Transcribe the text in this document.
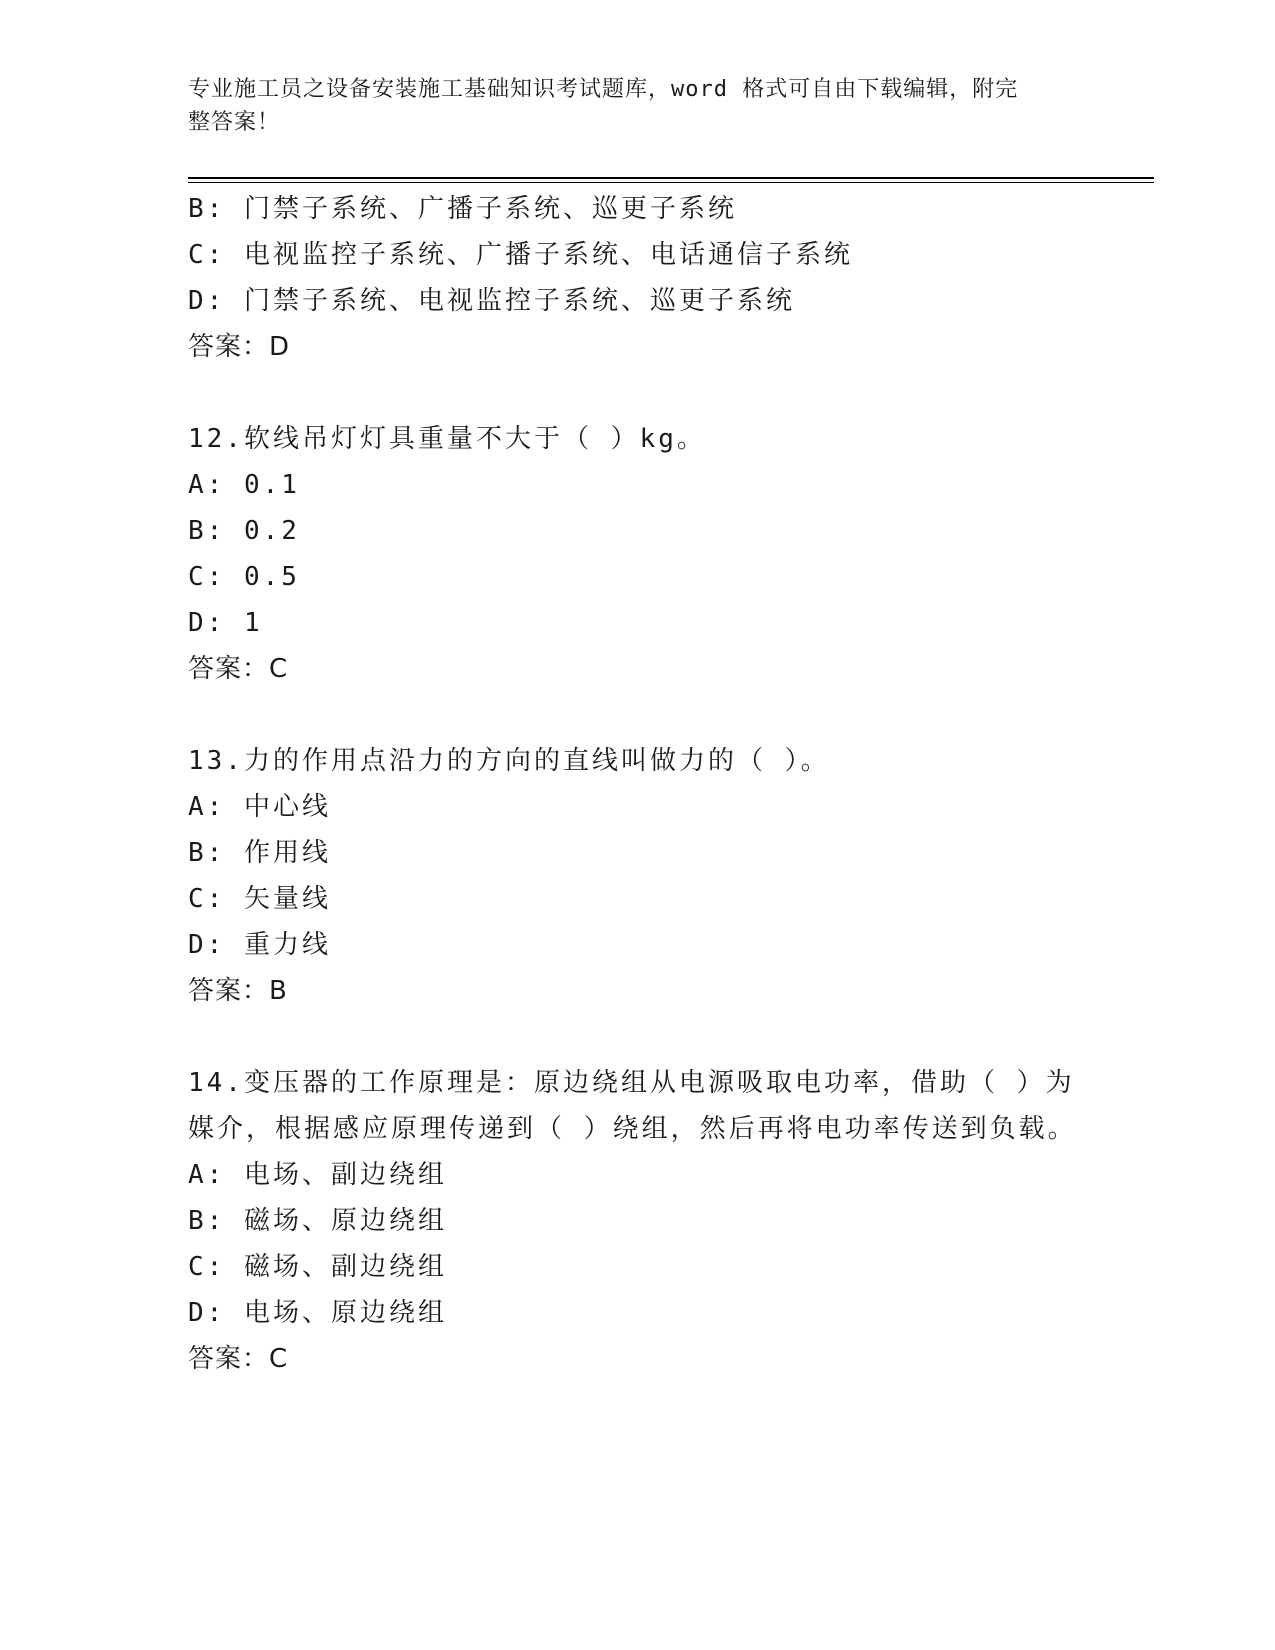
专业施工员之设备安装施工基础知识考试题库，word 格式可自由下载编辑，附完
整答案！
B: 门禁子系统、广播子系统、巡更子系统
C: 电视监控子系统、广播子系统、电话通信子系统
D: 门禁子系统、电视监控子系统、巡更子系统
答案：D
12.软线吊灯灯具重量不大于（ ）kg。
A: 0.1
B: 0.2
C: 0.5
D: 1
答案：C
13.力的作用点沿力的方向的直线叫做力的（ ）。
A: 中心线
B: 作用线
C: 矢量线
D: 重力线
答案：B
14.变压器的工作原理是：原边绕组从电源吸取电功率，借助（ ）为
媒介，根据感应原理传递到（ ）绕组，然后再将电功率传送到负载。
A: 电场、副边绕组
B: 磁场、原边绕组
C: 磁场、副边绕组
D: 电场、原边绕组
答案：C
